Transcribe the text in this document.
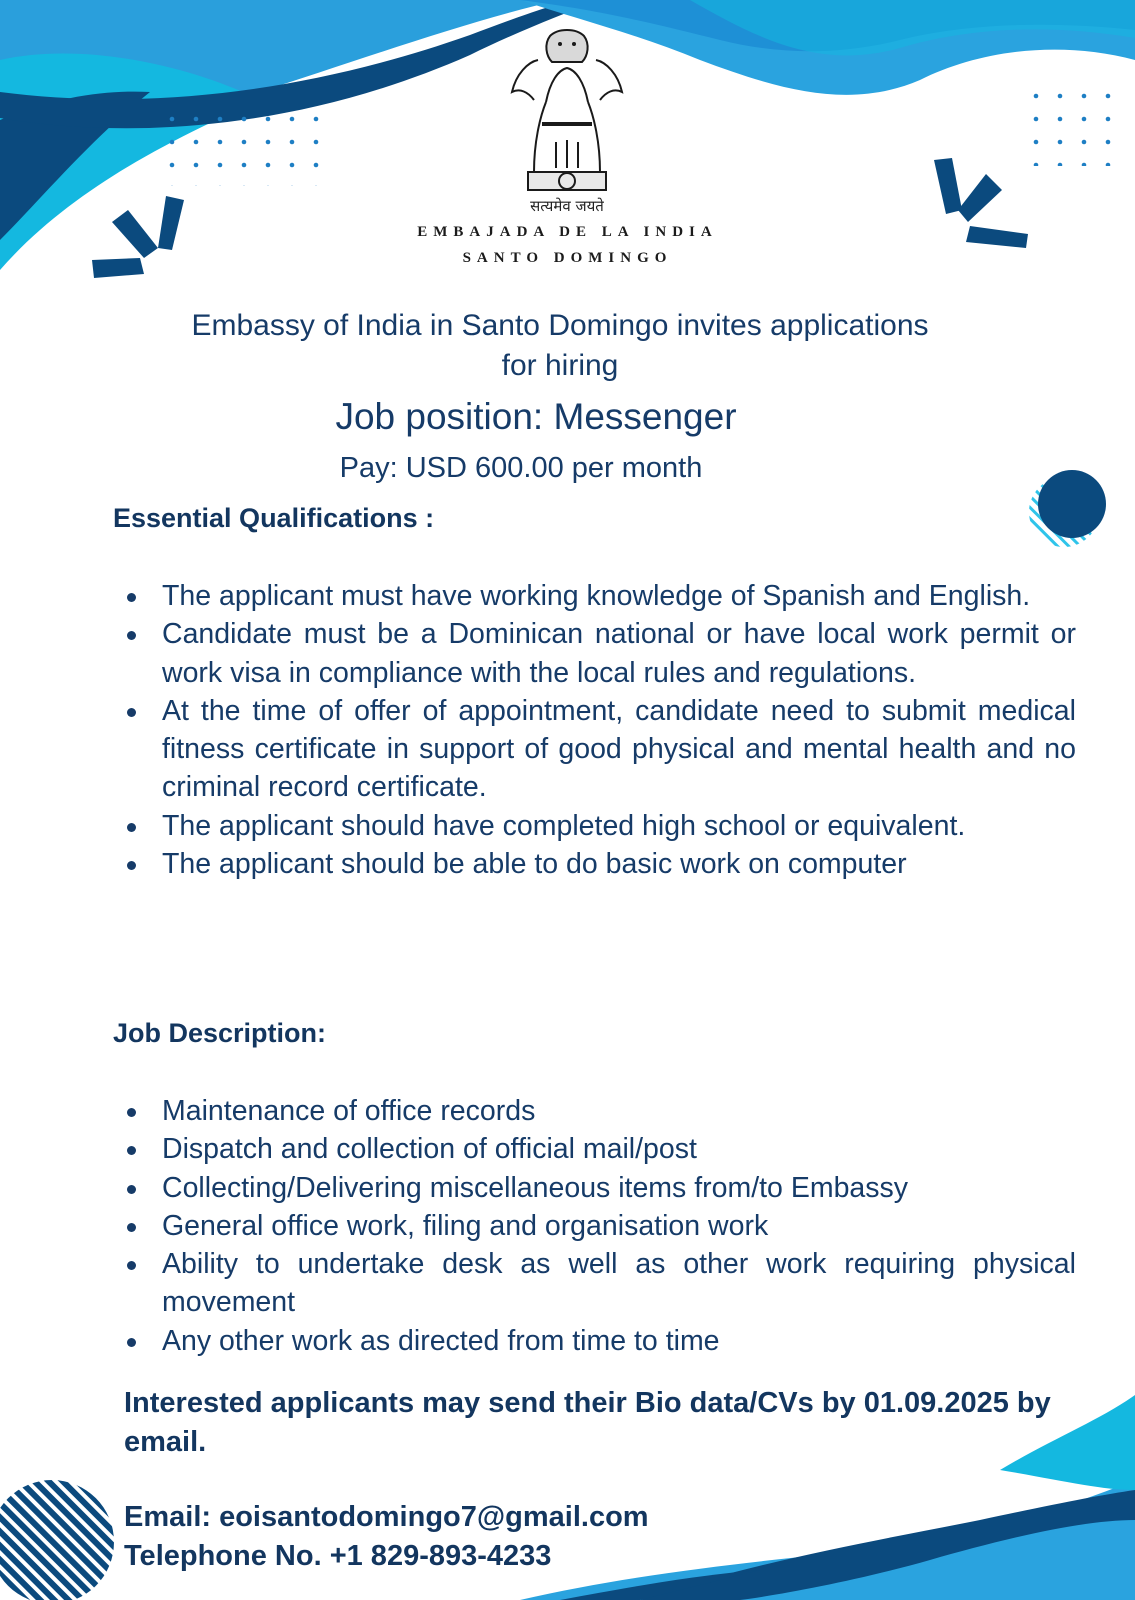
सत्यमेव जयते
EMBAJADA DE LA INDIA
SANTO DOMINGO
Embassy of India in Santo Domingo invites applications
for hiring
Job position: Messenger
Pay: USD 600.00 per month
Essential Qualifications :
The applicant must have working knowledge of Spanish and English.
Candidate must be a Dominican national or have local work permit or work visa in compliance with the local rules and regulations.
At the time of offer of appointment, candidate need to submit medical fitness certificate in support of good physical and mental health and no criminal record certificate.
The applicant should have completed high school or equivalent.
The applicant should be able to do basic work on computer
Job Description:
Maintenance of office records
Dispatch and collection of official mail/post
Collecting/Delivering miscellaneous items from/to Embassy
General office work, filing and organisation work
Ability to undertake desk as well as other work requiring physical movement
Any other work as directed from time to time
Interested applicants may send their Bio data/CVs by 01.09.2025 by email.
Email: eoisantodomingo7@gmail.com
Telephone No. +1 829-893-4233
